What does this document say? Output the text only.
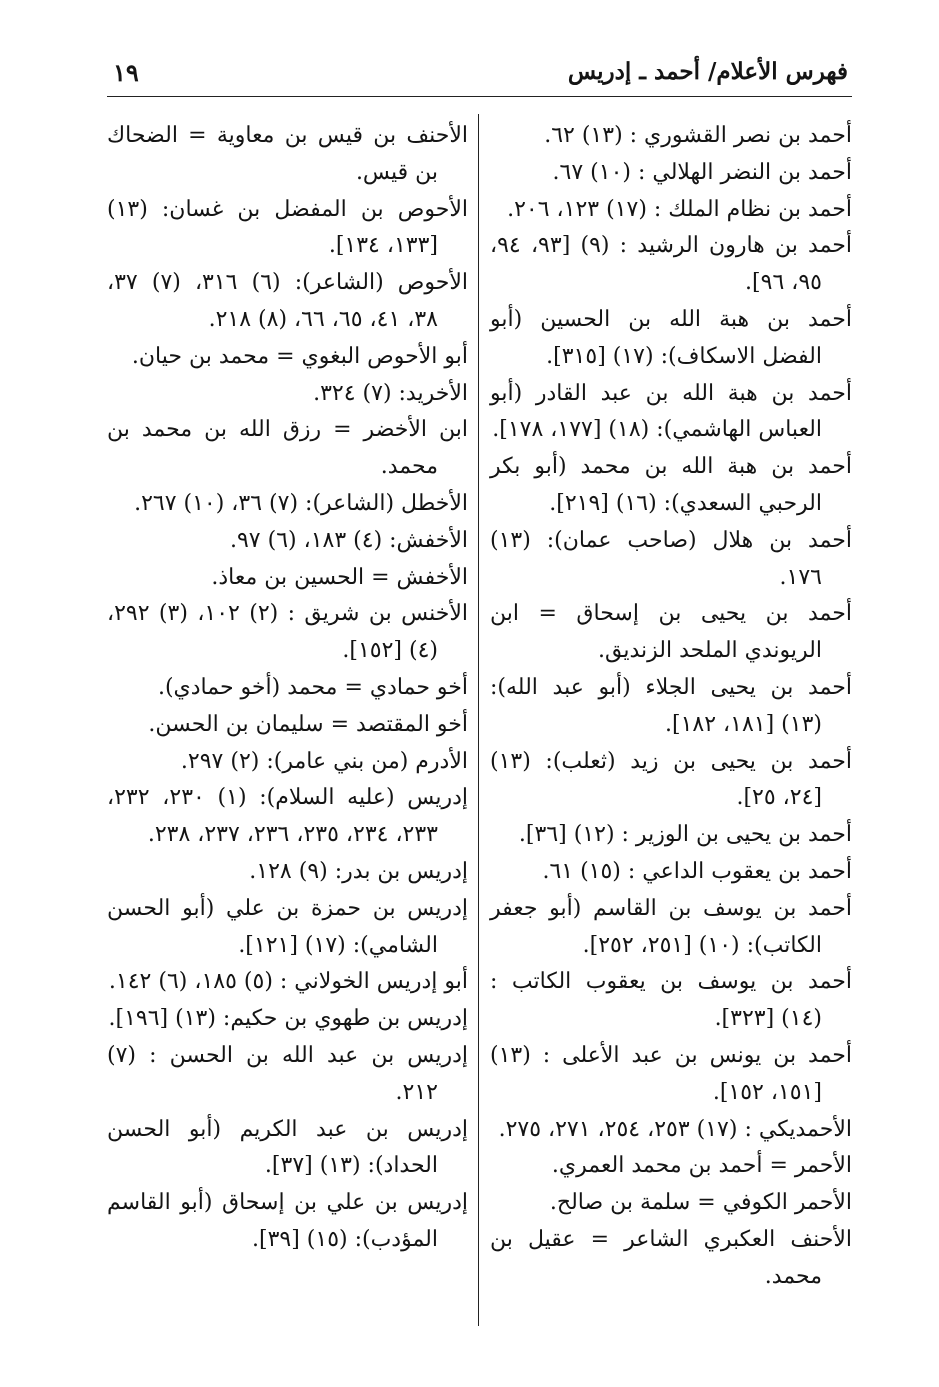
فهرس الأعلام/ أحمد ـ إدريس
١٩

أحمد بن نصر القشوري : (١٣) ٦٢.

أحمد بن النضر الهلالي : (١٠) ٦٧.

أحمد بن نظام الملك : (١٧) ١٢٣، ٢٠٦.

أحمد بن هارون الرشيد : (٩) [٩٣، ٩٤، ٩٥، ٩٦].

أحمد بن هبة الله بن الحسين (أبو الفضل الاسكاف): (١٧) [٣١٥].

أحمد بن هبة الله بن عبد القادر (أبو العباس الهاشمي): (١٨) [١٧٧، ١٧٨].

أحمد بن هبة الله بن محمد (أبو بكر الرحبي السعدي): (١٦) [٢١٩].

أحمد بن هلال (صاحب عمان): (١٣) ١٧٦.

أحمد بن يحيى بن إسحاق = ابن الريوندي الملحد الزنديق.

أحمد بن يحيى الجلاء (أبو عبد الله): (١٣) [١٨١، ١٨٢].

أحمد بن يحيى بن زيد (ثعلب): (١٣) [٢٤، ٢٥].

أحمد بن يحيى بن الوزير : (١٢) [٣٦].

أحمد بن يعقوب الداعي : (١٥) ٦١.

أحمد بن يوسف بن القاسم (أبو جعفر الكاتب): (١٠) [٢٥١، ٢٥٢].

أحمد بن يوسف بن يعقوب الكاتب : (١٤) [٣٢٣].

أحمد بن يونس بن عبد الأعلى : (١٣) [١٥١، ١٥٢].

الأحمديكي : (١٧) ٢٥٣، ٢٥٤، ٢٧١، ٢٧٥.

الأحمر = أحمد بن محمد العمري.

الأحمر الكوفي = سلمة بن صالح.

الأحنف العكبري الشاعر = عقيل بن محمد.

الأحنف بن قيس بن معاوية = الضحاك بن قيس.

الأحوص بن المفضل بن غسان: (١٣) [١٣٣، ١٣٤].

الأحوص (الشاعر): (٦) ٣١٦، (٧) ٣٧، ٣٨، ٤١، ٦٥، ٦٦، (٨) ٢١٨.

أبو الأحوص البغوي = محمد بن حيان.

الأخريد: (٧) ٣٢٤.

ابن الأخضر = رزق الله بن محمد بن محمد.

الأخطل (الشاعر): (٧) ٣٦، (١٠) ٢٦٧.

الأخفش: (٤) ١٨٣، (٦) ٩٧.

الأخفش = الحسين بن معاذ.

الأخنس بن شريق : (٢) ١٠٢، (٣) ٢٩٢، (٤) [١٥٢].

أخو حمادي = محمد (أخو حمادي).

أخو المقتصد = سليمان بن الحسن.

الأدرم (من بني عامر): (٢) ٢٩٧.

إدريس (عليه السلام): (١) ٢٣٠، ٢٣٢، ٢٣٣، ٢٣٤، ٢٣٥، ٢٣٦، ٢٣٧، ٢٣٨.

إدريس بن بدر: (٩) ١٢٨.

إدريس بن حمزة بن علي (أبو الحسن الشامي): (١٧) [١٢١].

أبو إدريس الخولاني : (٥) ١٨٥، (٦) ١٤٢.

إدريس بن طهوي بن حكيم: (١٣) [١٩٦].

إدريس بن عبد الله بن الحسن : (٧) ٢١٢.

إدريس بن عبد الكريم (أبو الحسن الحداد): (١٣) [٣٧].

إدريس بن علي بن إسحاق (أبو القاسم المؤدب): (١٥) [٣٩].
